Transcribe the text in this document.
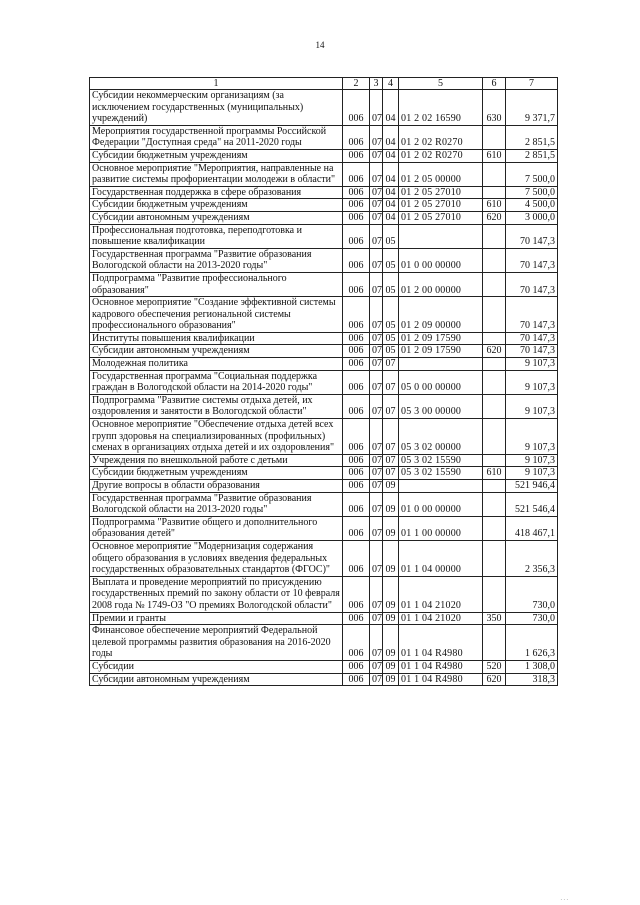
14
1	2	3	4	5	6	7
Субсидии некоммерческим организациям (за исключением государственных (муниципальных) учреждений)	006	07	04	01 2 02 16590	630	9 371,7
Мероприятия государственной программы Российской Федерации "Доступная среда" на 2011-2020 годы	006	07	04	01 2 02 R0270		2 851,5
Субсидии бюджетным учреждениям	006	07	04	01 2 02 R0270	610	2 851,5
Основное мероприятие "Мероприятия, направленные на развитие системы профориентации молодежи в области"	006	07	04	01 2 05 00000		7 500,0
Государственная поддержка в сфере образования	006	07	04	01 2 05 27010		7 500,0
Субсидии бюджетным учреждениям	006	07	04	01 2 05 27010	610	4 500,0
Субсидии автономным учреждениям	006	07	04	01 2 05 27010	620	3 000,0
Профессиональная подготовка, переподготовка и повышение квалификации	006	07	05			70 147,3
Государственная программа "Развитие образования Вологодской области на 2013-2020 годы"	006	07	05	01 0 00 00000		70 147,3
Подпрограмма "Развитие профессионального образования"	006	07	05	01 2 00 00000		70 147,3
Основное мероприятие "Создание эффективной системы кадрового обеспечения региональной системы профессионального образования"	006	07	05	01 2 09 00000		70 147,3
Институты повышения квалификации	006	07	05	01 2 09 17590		70 147,3
Субсидии автономным учреждениям	006	07	05	01 2 09 17590	620	70 147,3
Молодежная политика	006	07	07			9 107,3
Государственная программа "Социальная поддержка граждан в Вологодской области на 2014-2020 годы"	006	07	07	05 0 00 00000		9 107,3
Подпрограмма "Развитие системы отдыха детей, их оздоровления и занятости в Вологодской области"	006	07	07	05 3 00 00000		9 107,3
Основное мероприятие "Обеспечение отдыха детей всех групп здоровья на специализированных (профильных) сменах в организациях отдыха детей и их оздоровления"	006	07	07	05 3 02 00000		9 107,3
Учреждения по внешкольной работе с детьми	006	07	07	05 3 02 15590		9 107,3
Субсидии бюджетным учреждениям	006	07	07	05 3 02 15590	610	9 107,3
Другие вопросы в области образования	006	07	09			521 946,4
Государственная программа "Развитие образования Вологодской области на 2013-2020 годы"	006	07	09	01 0 00 00000		521 546,4
Подпрограмма "Развитие общего и дополнительного образования детей"	006	07	09	01 1 00 00000		418 467,1
Основное мероприятие "Модернизация содержания общего образования в условиях введения федеральных государственных образовательных стандартов (ФГОС)"	006	07	09	01 1 04 00000		2 356,3
Выплата и проведение мероприятий по присуждению государственных премий по закону области от 10 февраля 2008 года № 1749-ОЗ "О премиях Вологодской области"	006	07	09	01 1 04 21020		730,0
Премии и гранты	006	07	09	01 1 04 21020	350	730,0
Финансовое обеспечение мероприятий Федеральной целевой программы развития образования на 2016-2020 годы	006	07	09	01 1 04 R4980		1 626,3
Субсидии	006	07	09	01 1 04 R4980	520	1 308,0
Субсидии автономным учреждениям	006	07	09	01 1 04 R4980	620	318,3
. . .
